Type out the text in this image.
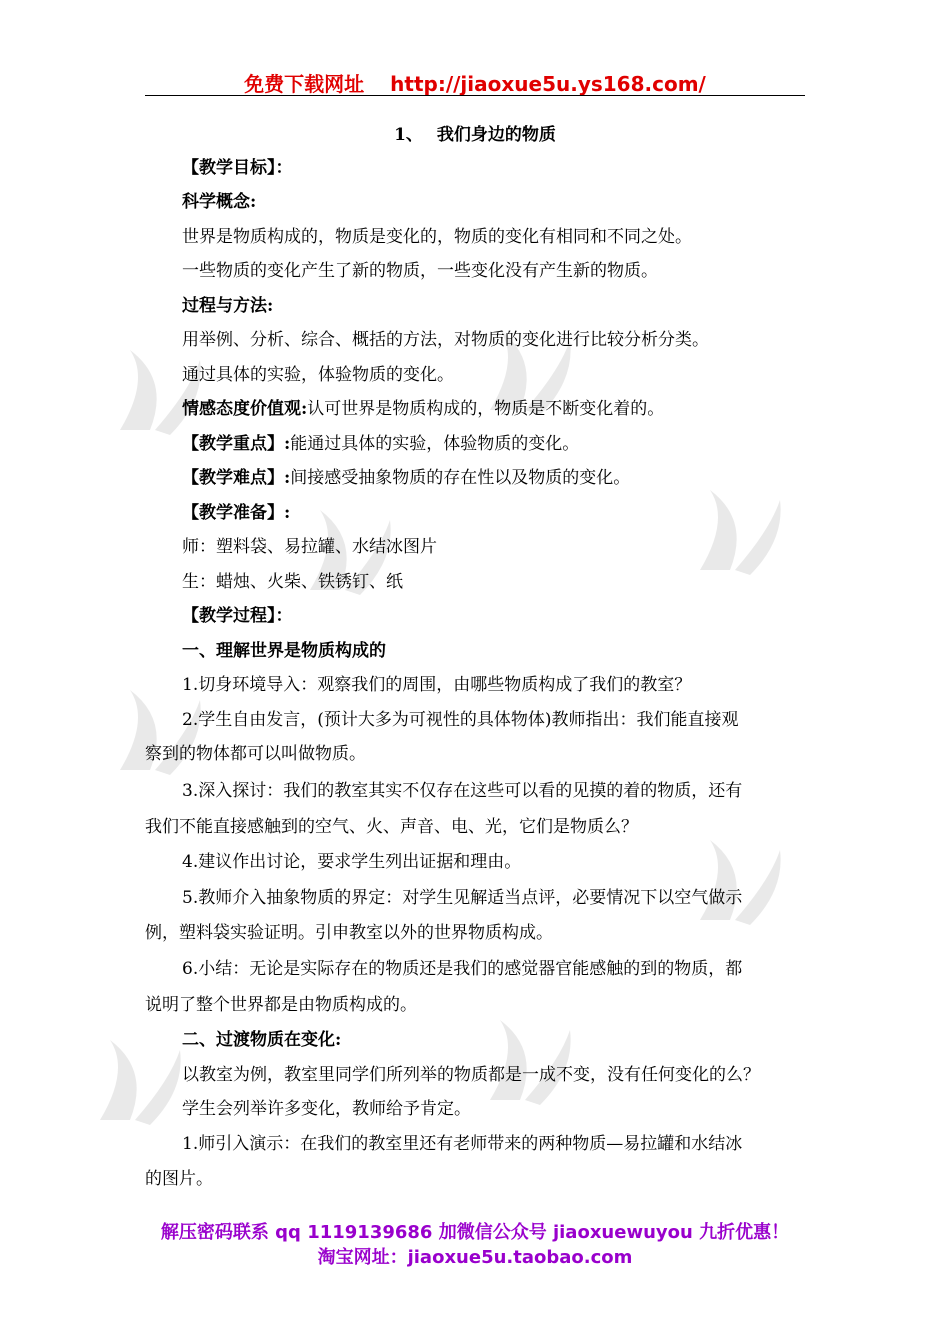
免费下载网址 http://jiaoxue5u.ys168.com/
1、 我们身边的物质
【教学目标】：
科学概念:
世界是物质构成的，物质是变化的，物质的变化有相同和不同之处。
一些物质的变化产生了新的物质，一些变化没有产生新的物质。
过程与方法:
用举例、分析、综合、概括的方法，对物质的变化进行比较分析分类。
通过具体的实验，体验物质的变化。
情感态度价值观:认可世界是物质构成的，物质是不断变化着的。
【教学重点】:能通过具体的实验，体验物质的变化。
【教学难点】:间接感受抽象物质的存在性以及物质的变化。
【教学准备】:
师：塑料袋、易拉罐、水结冰图片
生：蜡烛、火柴、铁锈钉、纸
【教学过程】：
一、理解世界是物质构成的
1.切身环境导入：观察我们的周围，由哪些物质构成了我们的教室？
2.学生自由发言，(预计大多为可视性的具体物体)教师指出：我们能直接观
察到的物体都可以叫做物质。
3.深入探讨：我们的教室其实不仅存在这些可以看的见摸的着的物质，还有
我们不能直接感触到的空气、火、声音、电、光，它们是物质么？
4.建议作出讨论，要求学生列出证据和理由。
5.教师介入抽象物质的界定：对学生见解适当点评，必要情况下以空气做示
例，塑料袋实验证明。引申教室以外的世界物质构成。
6.小结：无论是实际存在的物质还是我们的感觉器官能感触的到的物质，都
说明了整个世界都是由物质构成的。
二、过渡物质在变化:
以教室为例，教室里同学们所列举的物质都是一成不变，没有任何变化的么？
学生会列举许多变化，教师给予肯定。
1.师引入演示：在我们的教室里还有老师带来的两种物质—易拉罐和水结冰
的图片。
解压密码联系 qq 1119139686 加微信公众号 jiaoxuewuyou 九折优惠！
淘宝网址：jiaoxue5u.taobao.com
